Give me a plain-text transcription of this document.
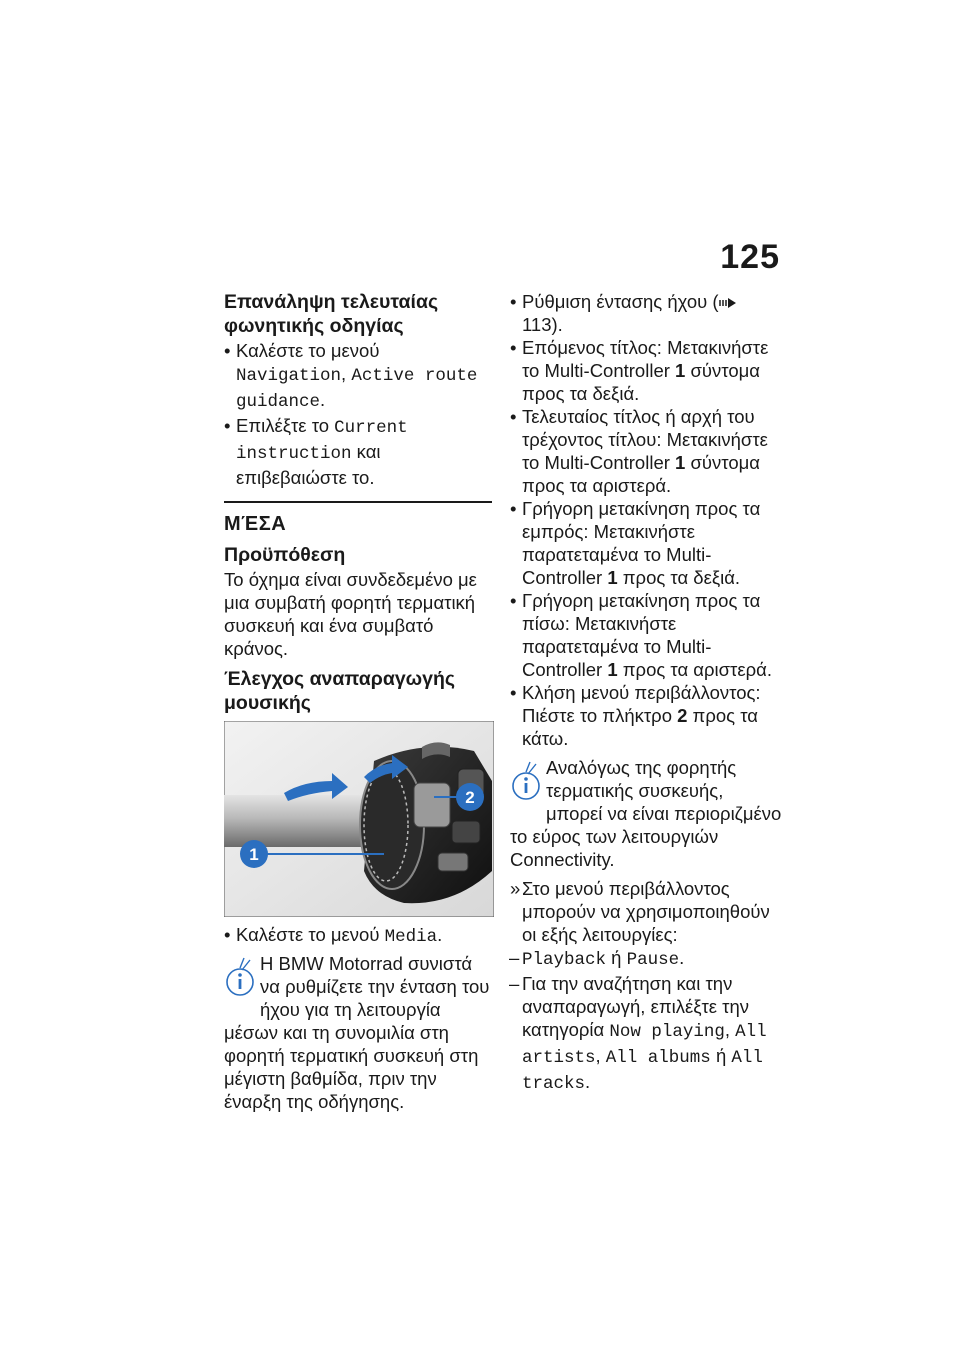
125
Επανάληψη τελευταίας φωνητικής οδηγίας

• Καλέστε το μενού Navigation, Active route guidance.

• Επιλέξτε το Current instruction και επιβεβαιώστε το.

ΜΈΣΑ
Προϋπόθεση

Το όχημα είναι συνδεδεμένο με μια συμβατή φορητή τερματική συσκευή και ένα συμβατό κράνος.

Έλεγχος αναπαραγωγής μουσικής
1
2

• Καλέστε το μενού Media.

Η BMW Motorrad συνιστά να ρυθμίζετε την ένταση του ήχου για τη λειτουργία μέσων και τη συνομιλία στη φορητή τερματική συσκευή στη μέγιστη βαθμίδα, πριν την έναρξη της οδήγησης.

• Ρύθμιση έντασης ήχου ( 113).

• Επόμενος τίτλος: Μετακινήστε το Multi-Controller 1 σύντομα προς τα δεξιά.

• Τελευταίος τίτλος ή αρχή του τρέχοντος τίτλου: Μετακινήστε το Multi-Controller 1 σύντομα προς τα αριστερά.

• Γρήγορη μετακίνηση προς τα εμπρός: Μετακινήστε παρατεταμένα το Multi-Controller 1 προς τα δεξιά.

• Γρήγορη μετακίνηση προς τα πίσω: Μετακινήστε παρατεταμένα το Multi-Controller 1 προς τα αριστερά.

• Κλήση μενού περιβάλλοντος: Πιέστε το πλήκτρο 2 προς τα κάτω.

Αναλόγως της φορητής τερματικής συσκευής, μπορεί να είναι περιοριζμένο το εύρος των λειτουργιών Connectivity.

» Στο μενού περιβάλλοντος μπορούν να χρησιμοποιηθούν οι εξής λειτουργίες:

– Playback ή Pause.

– Για την αναζήτηση και την αναπαραγωγή, επιλέξτε την κατηγορία Now playing, All artists, All albums ή All tracks.
